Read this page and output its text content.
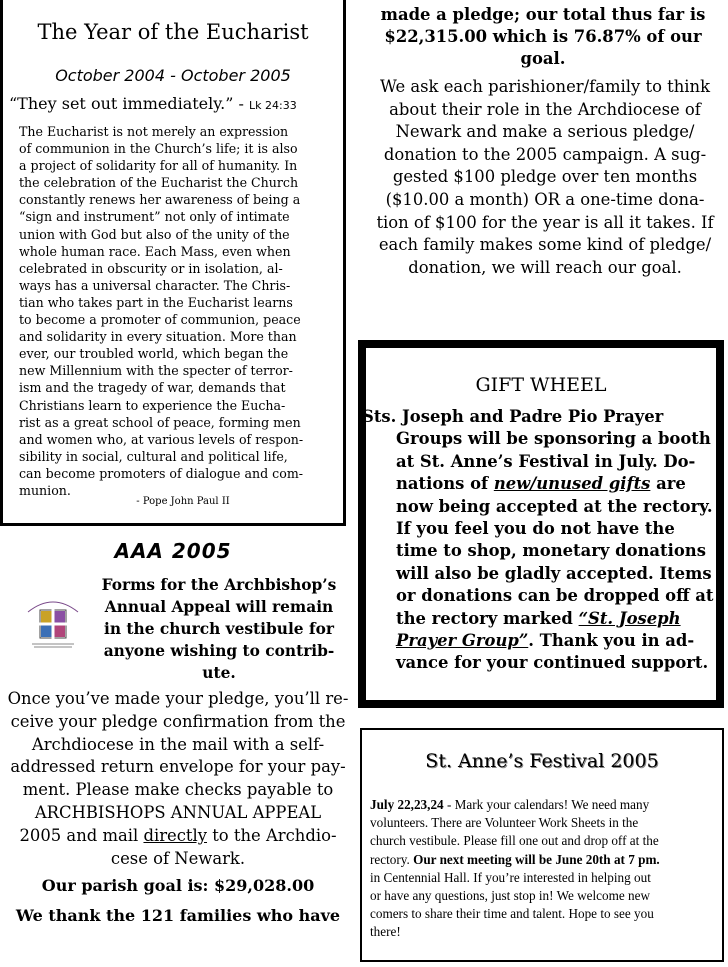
The Year of the Eucharist
October 2004 - October 2005
“They set out immediately.” - Lk 24:33
The Eucharist is not merely an expression
of communion in the Church’s life; it is also
a project of solidarity for all of humanity. In
the celebration of the Eucharist the Church
constantly renews her awareness of being a
“sign and instrument” not only of intimate
union with God but also of the unity of the
whole human race. Each Mass, even when
celebrated in obscurity or in isolation, al-
ways has a universal character. The Chris-
tian who takes part in the Eucharist learns
to become a promoter of communion, peace
and solidarity in every situation. More than
ever, our troubled world, which began the
new Millennium with the specter of terror-
ism and the tragedy of war, demands that
Christians learn to experience the Eucha-
rist as a great school of peace, forming men
and women who, at various levels of respon-
sibility in social, cultural and political life,
can become promoters of dialogue and com-
munion.
- Pope John Paul II
AAA 2005
Forms for the Archbishop’s
Annual Appeal will remain
in the church vestibule for
anyone wishing to contrib-
ute.
Once you’ve made your pledge, you’ll re-
ceive your pledge confirmation from the
Archdiocese in the mail with a self-
addressed return envelope for your pay-
ment. Please make checks payable to
ARCHBISHOPS ANNUAL APPEAL
2005 and mail directly to the Archdio-
cese of Newark.
Our parish goal is: $29,028.00
We thank the 121 families who have
made a pledge; our total thus far is
$22,315.00 which is 76.87% of our
goal.
We ask each parishioner/family to think
about their role in the Archdiocese of
Newark and make a serious pledge/
donation to the 2005 campaign. A sug-
gested $100 pledge over ten months
($10.00 a month) OR a one-time dona-
tion of $100 for the year is all it takes. If
each family makes some kind of pledge/
donation, we will reach our goal.
GIFT WHEEL
Sts. Joseph and Padre Pio Prayer
Groups will be sponsoring a booth
at St. Anne’s Festival in July. Do-
nations of new/unused gifts are
now being accepted at the rectory.
If you feel you do not have the
time to shop, monetary donations
will also be gladly accepted. Items
or donations can be dropped off at
the rectory marked “St. Joseph
Prayer Group”. Thank you in ad-
vance for your continued support.
St. Anne’s Festival 2005
July 22,23,24 - Mark your calendars! We need many
volunteers. There are Volunteer Work Sheets in the
church vestibule. Please fill one out and drop off at the
rectory. Our next meeting will be June 20th at 7 pm.
in Centennial Hall. If you’re interested in helping out
or have any questions, just stop in! We welcome new
comers to share their time and talent. Hope to see you
there!
